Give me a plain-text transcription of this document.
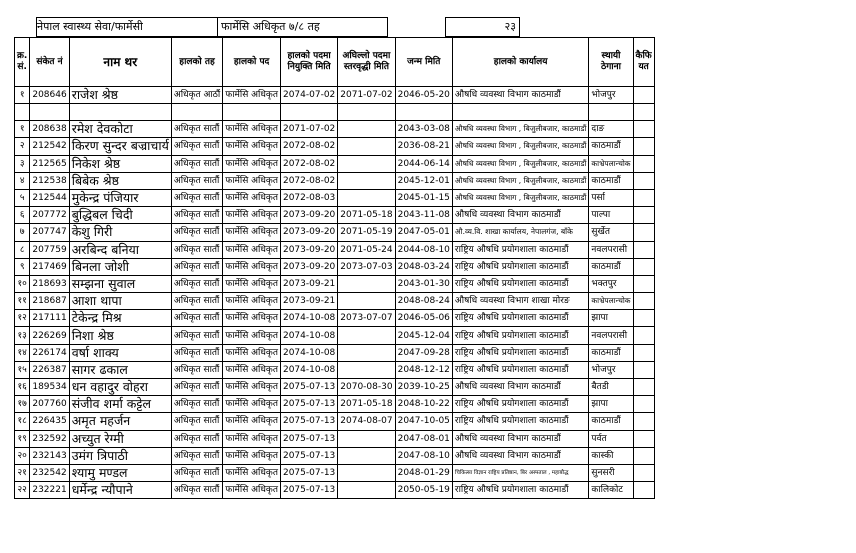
नेपाल स्वास्थ्य सेवा/फार्मेसी	फार्मेसि अधिकृत ७/८ तह	२३
क्र. सं.	संकेत नं	नाम थर	हालको तह	हालको पद	हालको पदमा नियुक्ति मिति	अघिल्लो पदमा स्तरवृद्धी मिति	जन्म मिति	हालको कार्यालय	स्थायी ठेगाना	कैफि यत
१	208646	राजेश श्रेष्ठ	अधिकृत आठौं	फार्मेसि अधिकृत	2074-07-02	2071-07-02	2046-05-20	औषधि व्यवस्था विभाग काठमाडौं	भोजपुर	

१	208638	रमेश देवकोटा	अधिकृत सातौं	फार्मेसि अधिकृत	2071-07-02		2043-03-08	औषधि व्यवस्था विभाग , बिजुलीबजार, काठमाडौं	दाङ	
२	212542	किरण सुन्दर बज्राचार्य	अधिकृत सातौं	फार्मेसि अधिकृत	2072-08-02		2036-08-21	औषधि व्यवस्था विभाग , बिजुलीबजार, काठमाडौं	काठमाडौं	
३	212565	निकेश श्रेष्ठ	अधिकृत सातौं	फार्मेसि अधिकृत	2072-08-02		2044-06-14	औषधि व्यवस्था विभाग , बिजुलीबजार, काठमाडौं	काभ्रेपलान्चोक	
४	212538	बिबेक श्रेष्ठ	अधिकृत सातौं	फार्मेसि अधिकृत	2072-08-02		2045-12-01	औषधि व्यवस्था विभाग , बिजुलीबजार, काठमाडौं	काठमाडौं	
५	212544	मुकेन्द्र पंजियार	अधिकृत सातौं	फार्मेसि अधिकृत	2072-08-03		2045-01-15	औषधि व्यवस्था विभाग , बिजुलीबजार, काठमाडौं	पर्सा	
६	207772	बुद्धिबल चिदी	अधिकृत सातौं	फार्मेसि अधिकृत	2073-09-20	2071-05-18	2043-11-08	औषधि व्यवस्था विभाग काठमाडौं	पाल्पा	
७	207747	केशु गिरी	अधिकृत सातौं	फार्मेसि अधिकृत	2073-09-20	2071-05-19	2047-05-01	औ.व्य.वि. शाखा कार्यालय, नेपालगंज, बाँके	सुर्खेत	
८	207759	अरबिन्द बनिया	अधिकृत सातौं	फार्मेसि अधिकृत	2073-09-20	2071-05-24	2044-08-10	राष्ट्रिय औषधि प्रयोगशाला काठमाडौं	नवलपरासी	
९	217469	बिनला जोशी	अधिकृत सातौं	फार्मेसि अधिकृत	2073-09-20	2073-07-03	2048-03-24	राष्ट्रिय औषधि प्रयोगशाला काठमाडौं	काठमाडौं	
१०	218693	सम्झना सुवाल	अधिकृत सातौं	फार्मेसि अधिकृत	2073-09-21		2043-01-30	राष्ट्रिय औषधि प्रयोगशाला काठमाडौं	भक्तपुर	
११	218687	आशा थापा	अधिकृत सातौं	फार्मेसि अधिकृत	2073-09-21		2048-08-24	औषधि व्यवस्था विभाग शाखा मोरङ	काभ्रेपलान्चोक	
१२	217111	टेकेन्द्र मिश्र	अधिकृत सातौं	फार्मेसि अधिकृत	2074-10-08	2073-07-07	2046-05-06	राष्ट्रिय औषधि प्रयोगशाला काठमाडौं	झापा	
१३	226269	निशा श्रेष्ठ	अधिकृत सातौं	फार्मेसि अधिकृत	2074-10-08		2045-12-04	राष्ट्रिय औषधि प्रयोगशाला काठमाडौं	नवलपरासी	
१४	226174	वर्षा शाक्य	अधिकृत सातौं	फार्मेसि अधिकृत	2074-10-08		2047-09-28	राष्ट्रिय औषधि प्रयोगशाला काठमाडौं	काठमाडौं	
१५	226387	सागर ढकाल	अधिकृत सातौं	फार्मेसि अधिकृत	2074-10-08		2048-12-12	राष्ट्रिय औषधि प्रयोगशाला काठमाडौं	भोजपुर	
१६	189534	धन वहादुर वोहरा	अधिकृत सातौं	फार्मेसि अधिकृत	2075-07-13	2070-08-30	2039-10-25	औषधि व्यवस्था विभाग काठमाडौं	बैतडी	
१७	207760	संजीव शर्मा कट्टेल	अधिकृत सातौं	फार्मेसि अधिकृत	2075-07-13	2071-05-18	2048-10-22	राष्ट्रिय औषधि प्रयोगशाला काठमाडौं	झापा	
१८	226435	अमृत महर्जन	अधिकृत सातौं	फार्मेसि अधिकृत	2075-07-13	2074-08-07	2047-10-05	राष्ट्रिय औषधि प्रयोगशाला काठमाडौं	काठमाडौं	
१९	232592	अच्युत रेग्मी	अधिकृत सातौं	फार्मेसि अधिकृत	2075-07-13		2047-08-01	औषधि व्यवस्था विभाग काठमाडौं	पर्वत	
२०	232143	उमंग त्रिपाठी	अधिकृत सातौं	फार्मेसि अधिकृत	2075-07-13		2047-08-10	औषधि व्यवस्था विभाग काठमाडौं	कास्की	
२१	232542	श्यामु मण्डल	अधिकृत सातौं	फार्मेसि अधिकृत	2075-07-13		2048-01-29	चिकित्सा विज्ञान राष्ट्रिय प्रतिष्ठान, बिर अस्पताल , महाबौद्ध	सुनसरी	
२२	232221	धर्मेन्द्र न्यौपाने	अधिकृत सातौं	फार्मेसि अधिकृत	2075-07-13		2050-05-19	राष्ट्रिय औषधि प्रयोगशाला काठमाडौं	कालिकोट	
